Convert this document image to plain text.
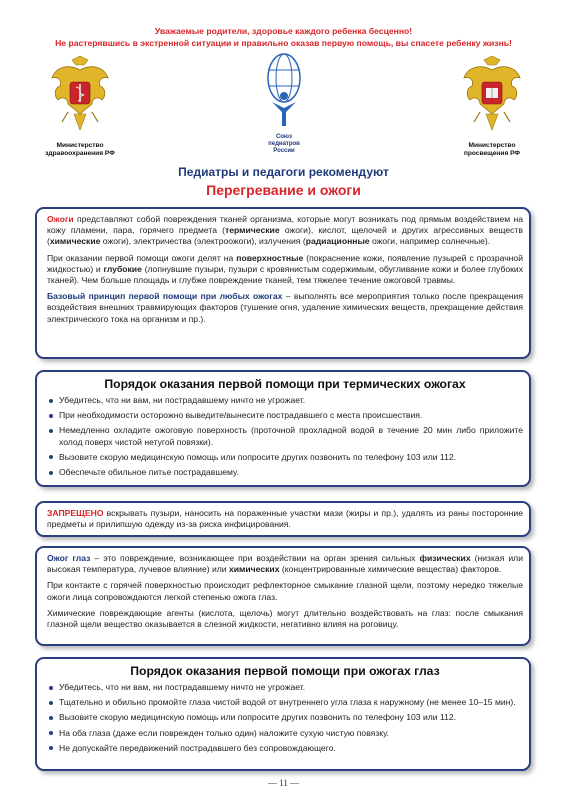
Уважаемые родители, здоровье каждого ребенка бесценно!
Не растерявшись в экстренной ситуации и правильно оказав первую помощь, вы спасете ребенку жизнь!
Министерство
здравоохранения РФ
Союз
педиатров
России
Министерство
просвещения РФ
Педиатры и педагоги рекомендуют
Перегревание и ожоги

Ожоги представляют собой повреждения тканей организма, которые могут возникать под прямым воздействием на кожу пламени, пара, горячего предмета (термические ожоги), кислот, щелочей и других агрессивных веществ (химические ожоги), электричества (электроожоги), излучения (радиационные ожоги, например солнечные).

При оказании первой помощи ожоги делят на поверхностные (покраснение кожи, появление пузырей с прозрачной жидкостью) и глубокие (лопнувшие пузыри, пузыри с кровянистым содержимым, обугливание кожи и более глубоких тканей). Чем больше площадь и глубже повреждение тканей, тем тяжелее течение ожоговой травмы.

Базовый принцип первой помощи при любых ожогах – выполнять все мероприятия только после прекращения воздействия внешних травмирующих факторов (тушение огня, удаление химических веществ, прекращение действия электрического тока на организм и пр.).

Порядок оказания первой помощи при термических ожогах
Убедитесь, что ни вам, ни пострадавшему ничто не угрожает.
При необходимости осторожно выведите/вынесите пострадавшего с места происшествия.
Немедленно охладите ожоговую поверхность (проточной прохладной водой в течение 20 мин либо приложите холод поверх чистой нетугой повязки).
Вызовите скорую медицинскую помощь или попросите других позвонить по телефону 103 или 112.
Обеспечьте обильное питье пострадавшему.

ЗАПРЕЩЕНО вскрывать пузыри, наносить на пораженные участки мази (жиры и пр.), удалять из раны посторонние предметы и прилипшую одежду из-за риска инфицирования.

Ожог глаз – это повреждение, возникающее при воздействии на орган зрения сильных физических (низкая или высокая температура, лучевое влияние) или химических (концентрированные химические вещества) факторов.

При контакте с горячей поверхностью происходит рефлекторное смыкание глазной щели, поэтому нередко тяжелые ожоги лица сопровождаются легкой степенью ожога глаз.

Химические повреждающие агенты (кислота, щелочь) могут длительно воздействовать на глаз: после смыкания глазной щели вещество оказывается в слезной жидкости, негативно влияя на роговицу.

Порядок оказания первой помощи при ожогах глаз
Убедитесь, что ни вам, ни пострадавшему ничто не угрожает.
Тщательно и обильно промойте глаза чистой водой от внутреннего угла глаза к наружному (не менее 10–15 мин).
Вызовите скорую медицинскую помощь или попросите других позвонить по телефону 103 или 112.
На оба глаза (даже если поврежден только один) наложите сухую чистую повязку.
Не допускайте передвижений пострадавшего без сопровождающего.
— 11 —
